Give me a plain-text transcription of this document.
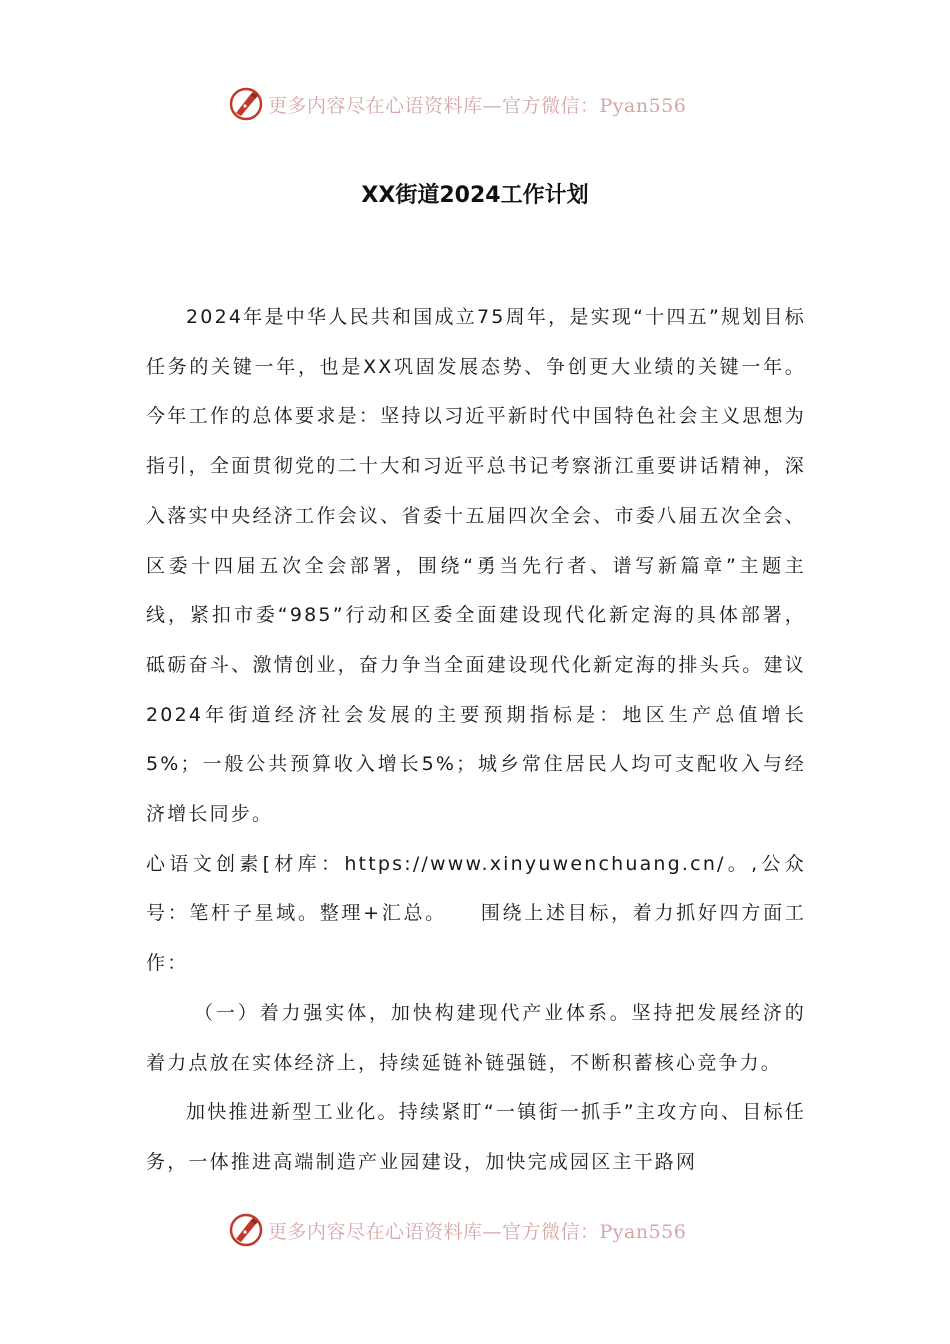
更多内容尽在心语资料库—官方微信：Pyan556
XX街道2024工作计划

2024年是中华人民共和国成立75周年，是实现“十四五”规划目标任务的关键一年，也是XX巩固发展态势、争创更大业绩的关键一年。今年工作的总体要求是：坚持以习近平新时代中国特色社会主义思想为指引，全面贯彻党的二十大和习近平总书记考察浙江重要讲话精神，深入落实中央经济工作会议、省委十五届四次全会、市委八届五次全会、区委十四届五次全会部署，围绕“勇当先行者、谱写新篇章”主题主线，紧扣市委“985”行动和区委全面建设现代化新定海的具体部署，砥砺奋斗、激情创业，奋力争当全面建设现代化新定海的排头兵。建议2024年街道经济社会发展的主要预期指标是：地区生产总值增长5%；一般公共预算收入增长5%；城乡常住居民人均可支配收入与经济增长同步。

心语文创素[材库：https://www.xinyuwenchuang.cn/。,公众号：笔杆子星域。整理+汇总。　　围绕上述目标，着力抓好四方面工作：

（一）着力强实体，加快构建现代产业体系。坚持把发展经济的着力点放在实体经济上，持续延链补链强链，不断积蓄核心竞争力。

加快推进新型工业化。持续紧盯“一镇街一抓手”主攻方向、目标任务，一体推进高端制造产业园建设，加快完成园区主干路网

更多内容尽在心语资料库—官方微信：Pyan556
